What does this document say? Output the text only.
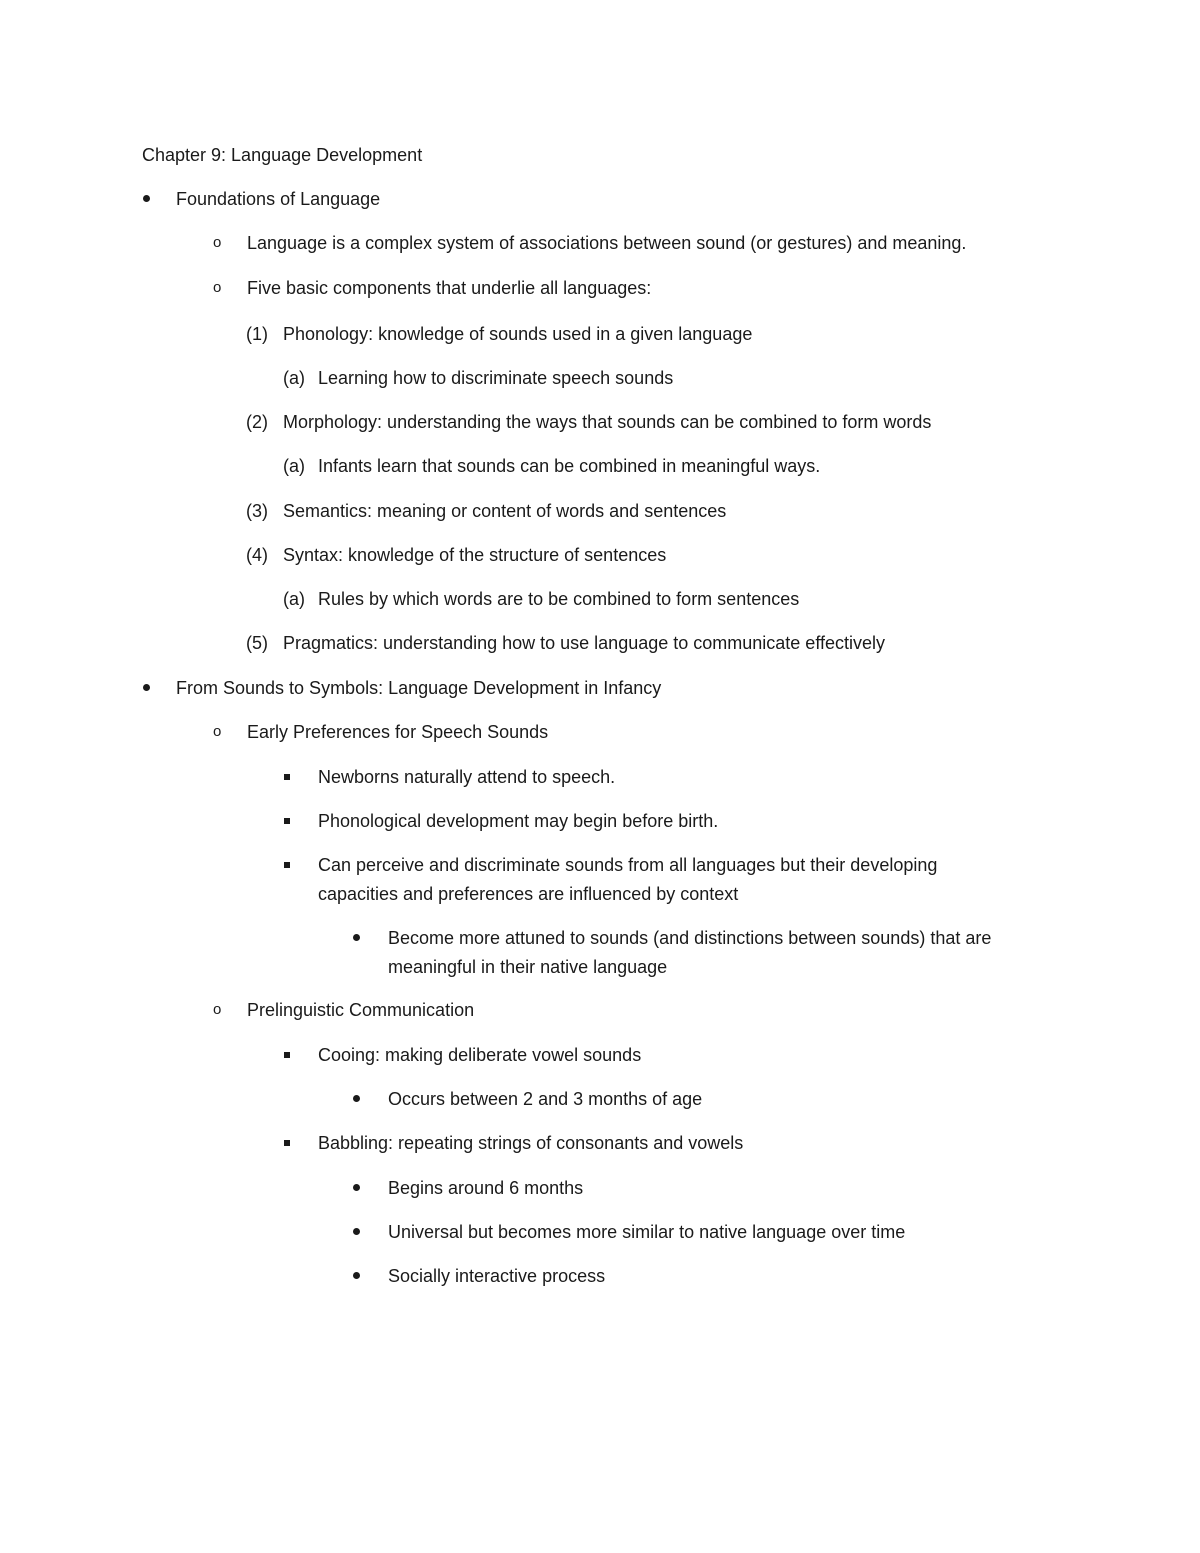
Chapter 9: Language Development
Foundations of Language
o Language is a complex system of associations between sound (or gestures) and meaning.
o Five basic components that underlie all languages:
(1) Phonology: knowledge of sounds used in a given language
(a) Learning how to discriminate speech sounds
(2) Morphology: understanding the ways that sounds can be combined to form words
(a) Infants learn that sounds can be combined in meaningful ways.
(3) Semantics: meaning or content of words and sentences
(4) Syntax: knowledge of the structure of sentences
(a) Rules by which words are to be combined to form sentences
(5) Pragmatics: understanding how to use language to communicate effectively
From Sounds to Symbols: Language Development in Infancy
o Early Preferences for Speech Sounds
Newborns naturally attend to speech.
Phonological development may begin before birth.
Can perceive and discriminate sounds from all languages but their developing
capacities and preferences are influenced by context
Become more attuned to sounds (and distinctions between sounds) that are
meaningful in their native language
o Prelinguistic Communication
Cooing: making deliberate vowel sounds
Occurs between 2 and 3 months of age
Babbling: repeating strings of consonants and vowels
Begins around 6 months
Universal but becomes more similar to native language over time
Socially interactive process
